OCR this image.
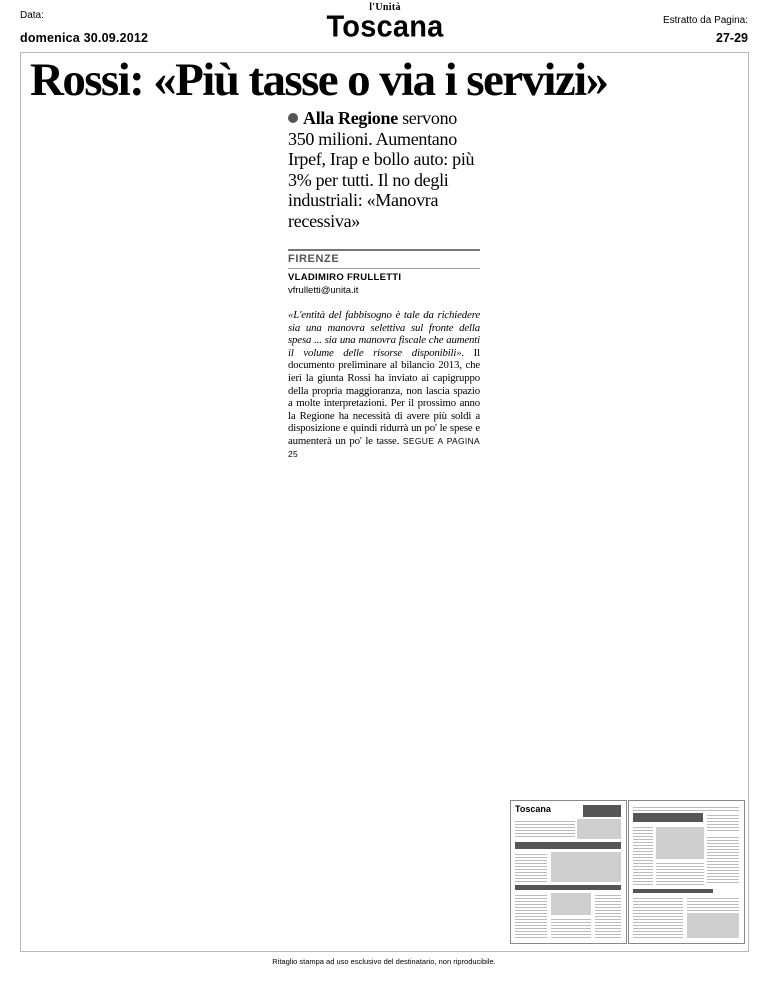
Data:
domenica 30.09.2012
Estratto da Pagina:
27-29
l'Unità
Toscana
Rossi: «Più tasse o via i servizi»
Alla Regione servono 350 milioni. Aumentano Irpef, Irap e bollo auto: più 3% per tutti. Il no degli industriali: «Manovra recessiva»
FIRENZE
VLADIMIRO FRULLETTI
vfrulletti@unita.it
«L'entità del fabbisogno è tale da richiedere sia una manovra selettiva sul fronte della spesa ... sia una manovra fiscale che aumenti il volume delle risorse disponibili». Il documento preliminare al bilancio 2013, che ieri la giunta Rossi ha inviato ai capigruppo della propria maggioranza, non lascia spazio a molte interpretazioni. Per il prossimo anno la Regione ha necessità di avere più soldi a disposizione e quindi ridurrà un po' le spese e aumenterà un po' le tasse. SEGUE A PAGINA 25
Toscana
Ritaglio stampa ad uso esclusivo del destinatario, non riproducibile.
